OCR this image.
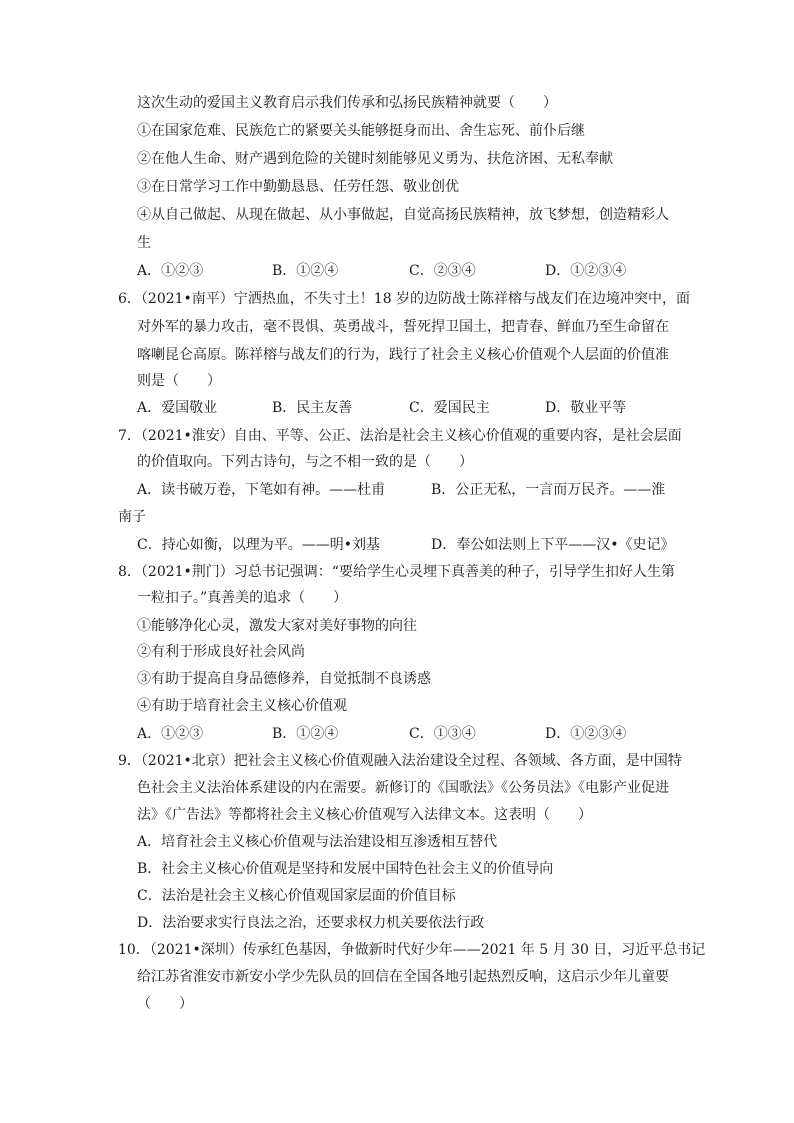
这次生动的爱国主义教育启示我们传承和弘扬民族精神就要（　　）
①在国家危难、民族危亡的紧要关头能够挺身而出、舍生忘死、前仆后继
②在他人生命、财产遇到危险的关键时刻能够见义勇为、扶危济困、无私奉献
③在日常学习工作中勤勤恳恳、任劳任怨、敬业创优
④从自己做起、从现在做起、从小事做起，自觉高扬民族精神，放飞梦想，创造精彩人
生
A．①②③	B．①②④	C．②③④	D．①②③④
6．（2021•南平）宁洒热血，不失寸土！18 岁的边防战士陈祥榕与战友们在边境冲突中，面
对外军的暴力攻击，毫不畏惧、英勇战斗，誓死捍卫国土，把青春、鲜血乃至生命留在
喀喇昆仑高原。陈祥榕与战友们的行为，践行了社会主义核心价值观个人层面的价值准
则是（　　）
A．爱国敬业	B．民主友善	C．爱国民主	D．敬业平等
7．（2021•淮安）自由、平等、公正、法治是社会主义核心价值观的重要内容，是社会层面
的价值取向。下列古诗句，与之不相一致的是（　　）
A．读书破万卷，下笔如有神。——杜甫	B．公正无私，一言而万民齐。——淮
南子
C．持心如衡，以理为平。——明•刘基	D．奉公如法则上下平——汉•《史记》
8．（2021•荆门）习总书记强调：“要给学生心灵埋下真善美的种子，引导学生扣好人生第
一粒扣子。”真善美的追求（　　）
①能够净化心灵，激发大家对美好事物的向往
②有利于形成良好社会风尚
③有助于提高自身品德修养，自觉抵制不良诱惑
④有助于培育社会主义核心价值观
A．①②③	B．①②④	C．①③④	D．①②③④
9．（2021•北京）把社会主义核心价值观融入法治建设全过程、各领域、各方面，是中国特
色社会主义法治体系建设的内在需要。新修订的《国歌法》《公务员法》《电影产业促进
法》《广告法》等都将社会主义核心价值观写入法律文本。这表明（　　）
A．培育社会主义核心价值观与法治建设相互渗透相互替代
B．社会主义核心价值观是坚持和发展中国特色社会主义的价值导向
C．法治是社会主义核心价值观国家层面的价值目标
D．法治要求实行良法之治，还要求权力机关要依法行政
10．（2021•深圳）传承红色基因，争做新时代好少年——2021 年 5 月 30 日，习近平总书记
给江苏省淮安市新安小学少先队员的回信在全国各地引起热烈反响，这启示少年儿童要
（　　）
